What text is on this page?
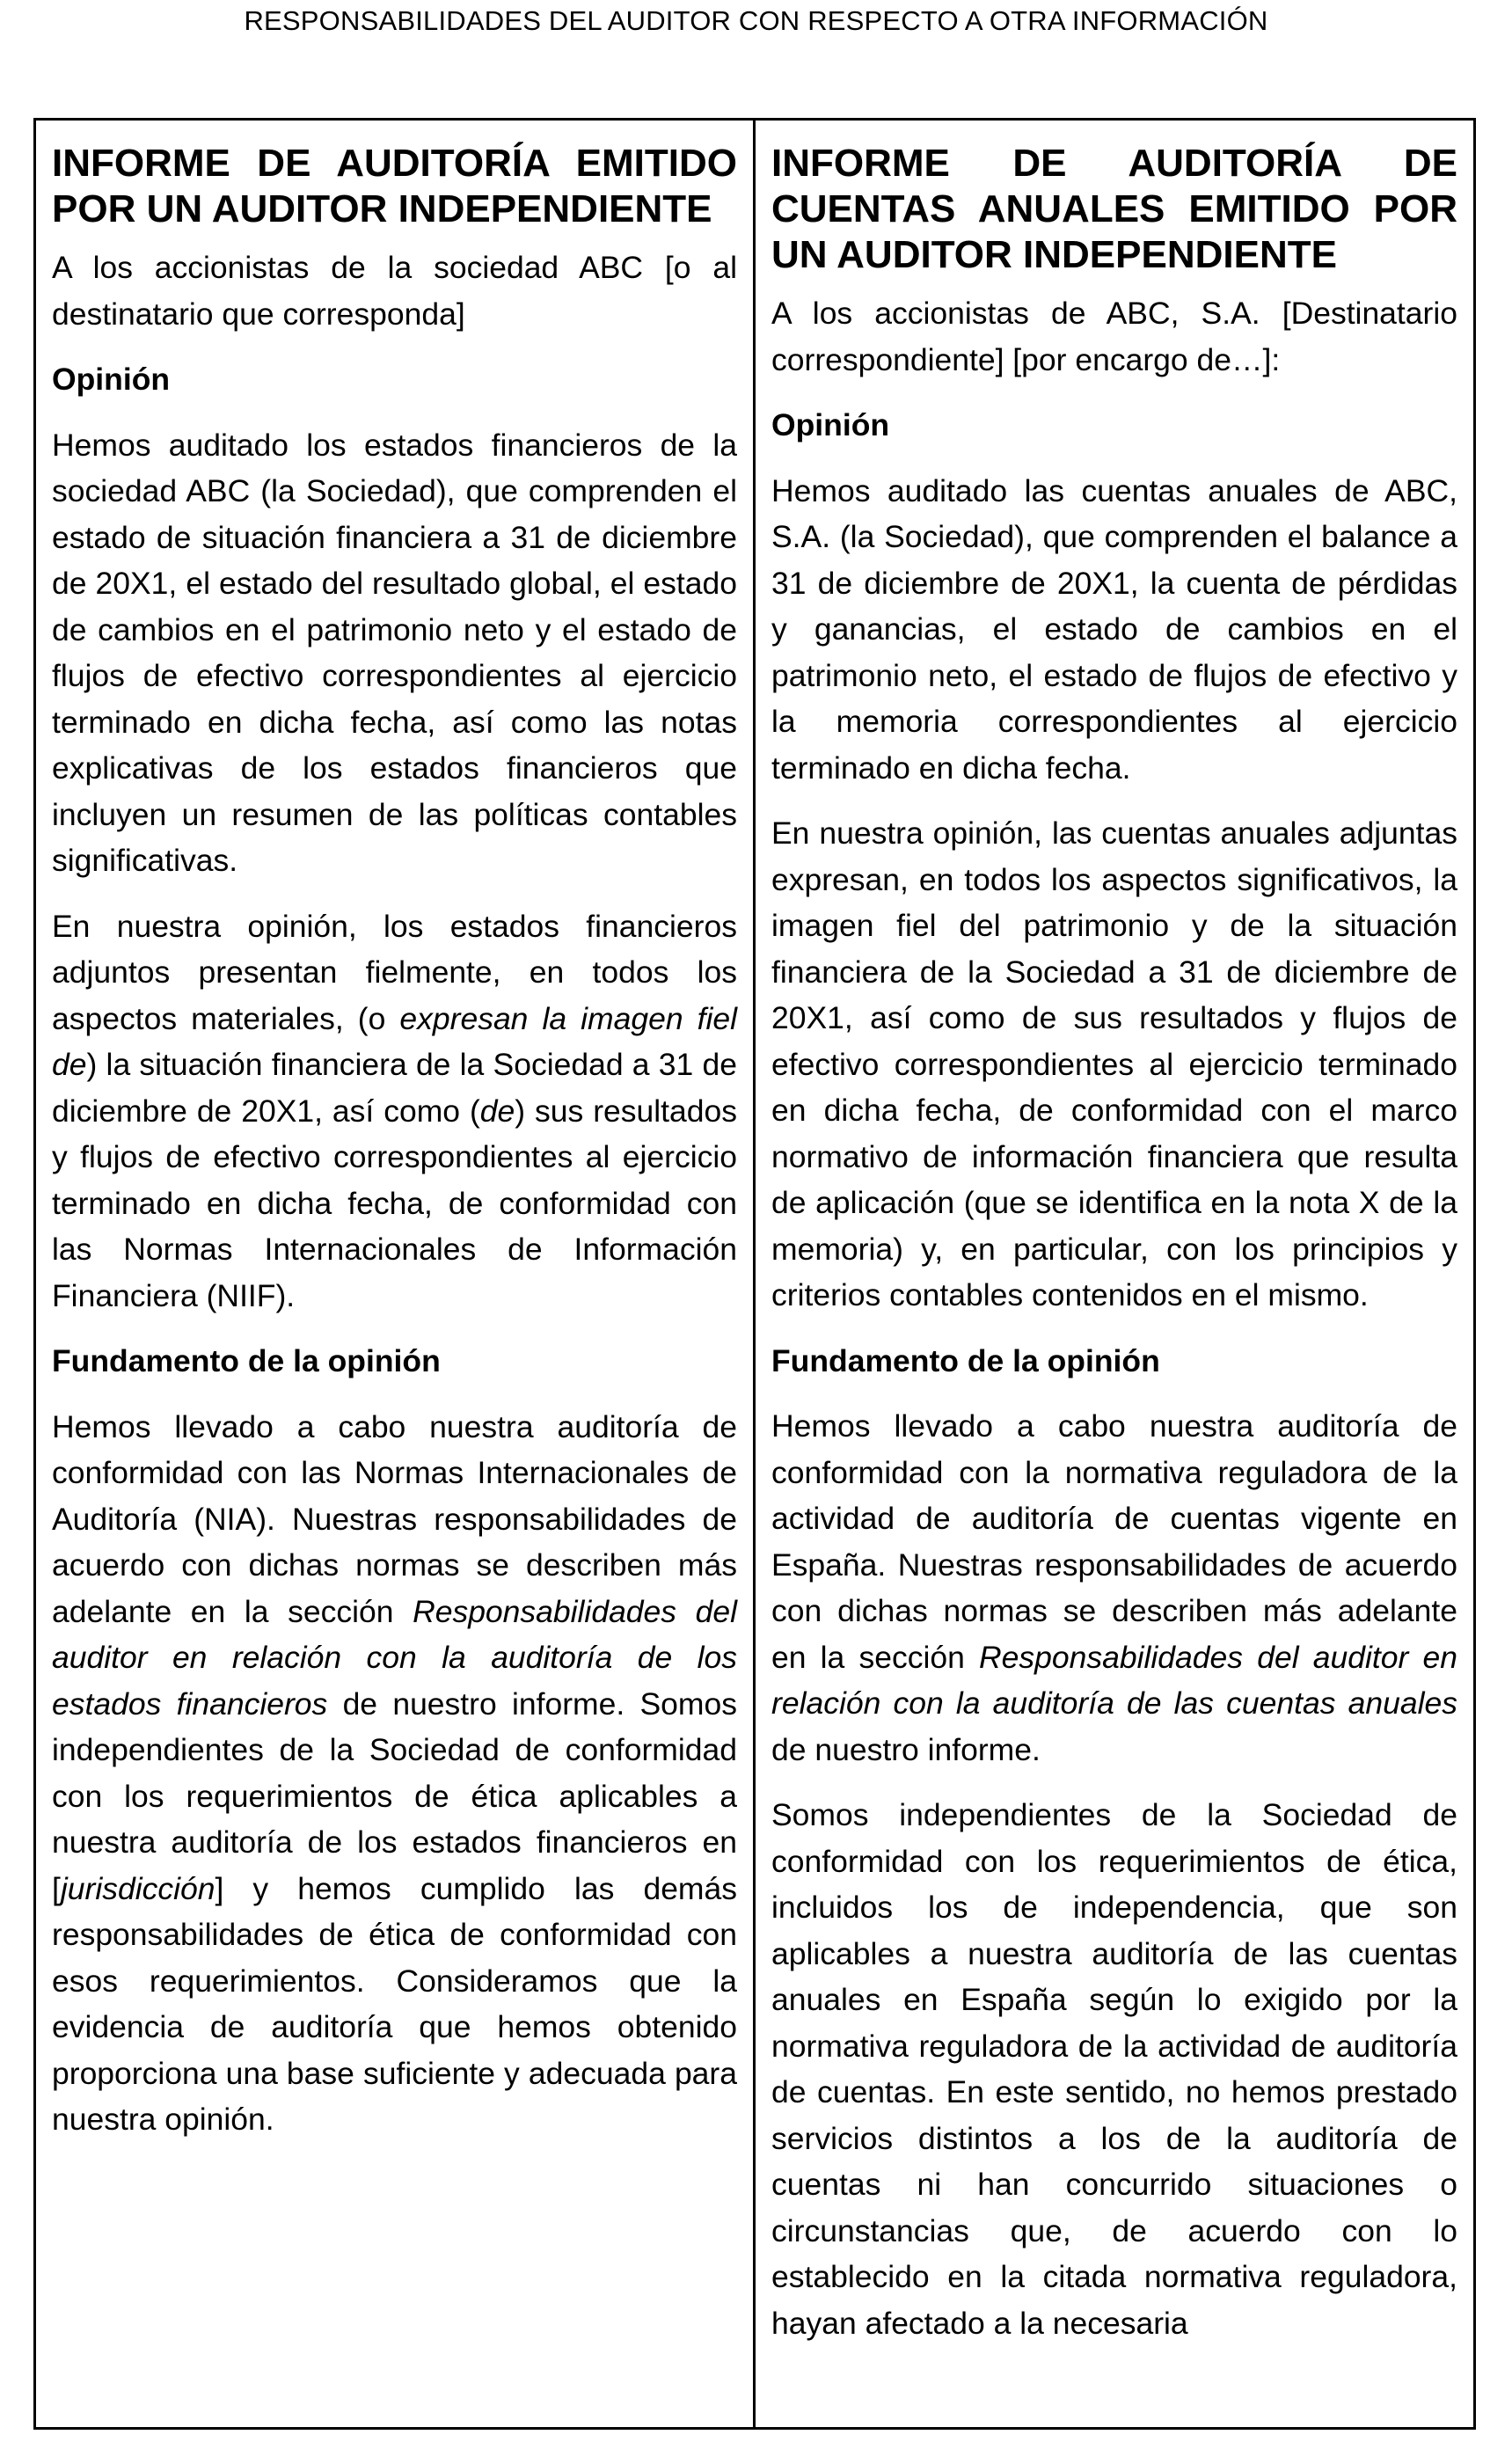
RESPONSABILIDADES DEL AUDITOR CON RESPECTO A OTRA INFORMACIÓN
INFORME DE AUDITORÍA EMITIDO POR UN AUDITOR INDEPENDIENTE

A los accionistas de la sociedad ABC [o al destinatario que corresponda]

Opinión

Hemos auditado los estados financieros de la sociedad ABC (la Sociedad), que comprenden el estado de situación financiera a 31 de diciembre de 20X1, el estado del resultado global, el estado de cambios en el patrimonio neto y el estado de flujos de efectivo correspondientes al ejercicio terminado en dicha fecha, así como las notas explicativas de los estados financieros que incluyen un resumen de las políticas contables significativas.

En nuestra opinión, los estados financieros adjuntos presentan fielmente, en todos los aspectos materiales, (o expresan la imagen fiel de) la situación financiera de la Sociedad a 31 de diciembre de 20X1, así como (de) sus resultados y flujos de efectivo correspondientes al ejercicio terminado en dicha fecha, de conformidad con las Normas Internacionales de Información Financiera (NIIF).

Fundamento de la opinión

Hemos llevado a cabo nuestra auditoría de conformidad con las Normas Internacionales de Auditoría (NIA). Nuestras responsabilidades de acuerdo con dichas normas se describen más adelante en la sección Responsabilidades del auditor en relación con la auditoría de los estados financieros de nuestro informe. Somos independientes de la Sociedad de conformidad con los requerimientos de ética aplicables a nuestra auditoría de los estados financieros en [jurisdicción] y hemos cumplido las demás responsabilidades de ética de conformidad con esos requerimientos. Consideramos que la evidencia de auditoría que hemos obtenido proporciona una base suficiente y adecuada para nuestra opinión.

INFORME DE AUDITORÍA DE CUENTAS ANUALES EMITIDO POR UN AUDITOR INDEPENDIENTE

A los accionistas de ABC, S.A. [Destinatario correspondiente] [por encargo de…]:

Opinión

Hemos auditado las cuentas anuales de ABC, S.A. (la Sociedad), que comprenden el balance a 31 de diciembre de 20X1, la cuenta de pérdidas y ganancias, el estado de cambios en el patrimonio neto, el estado de flujos de efectivo y la memoria correspondientes al ejercicio terminado en dicha fecha.

En nuestra opinión, las cuentas anuales adjuntas expresan, en todos los aspectos significativos, la imagen fiel del patrimonio y de la situación financiera de la Sociedad a 31 de diciembre de 20X1, así como de sus resultados y flujos de efectivo correspondientes al ejercicio terminado en dicha fecha, de conformidad con el marco normativo de información financiera que resulta de aplicación (que se identifica en la nota X de la memoria) y, en particular, con los principios y criterios contables contenidos en el mismo.

Fundamento de la opinión

Hemos llevado a cabo nuestra auditoría de conformidad con la normativa reguladora de la actividad de auditoría de cuentas vigente en España. Nuestras responsabilidades de acuerdo con dichas normas se describen más adelante en la sección Responsabilidades del auditor en relación con la auditoría de las cuentas anuales de nuestro informe.

Somos independientes de la Sociedad de conformidad con los requerimientos de ética, incluidos los de independencia, que son aplicables a nuestra auditoría de las cuentas anuales en España según lo exigido por la normativa reguladora de la actividad de auditoría de cuentas. En este sentido, no hemos prestado servicios distintos a los de la auditoría de cuentas ni han concurrido situaciones o circunstancias que, de acuerdo con lo establecido en la citada normativa reguladora, hayan afectado a la necesaria
